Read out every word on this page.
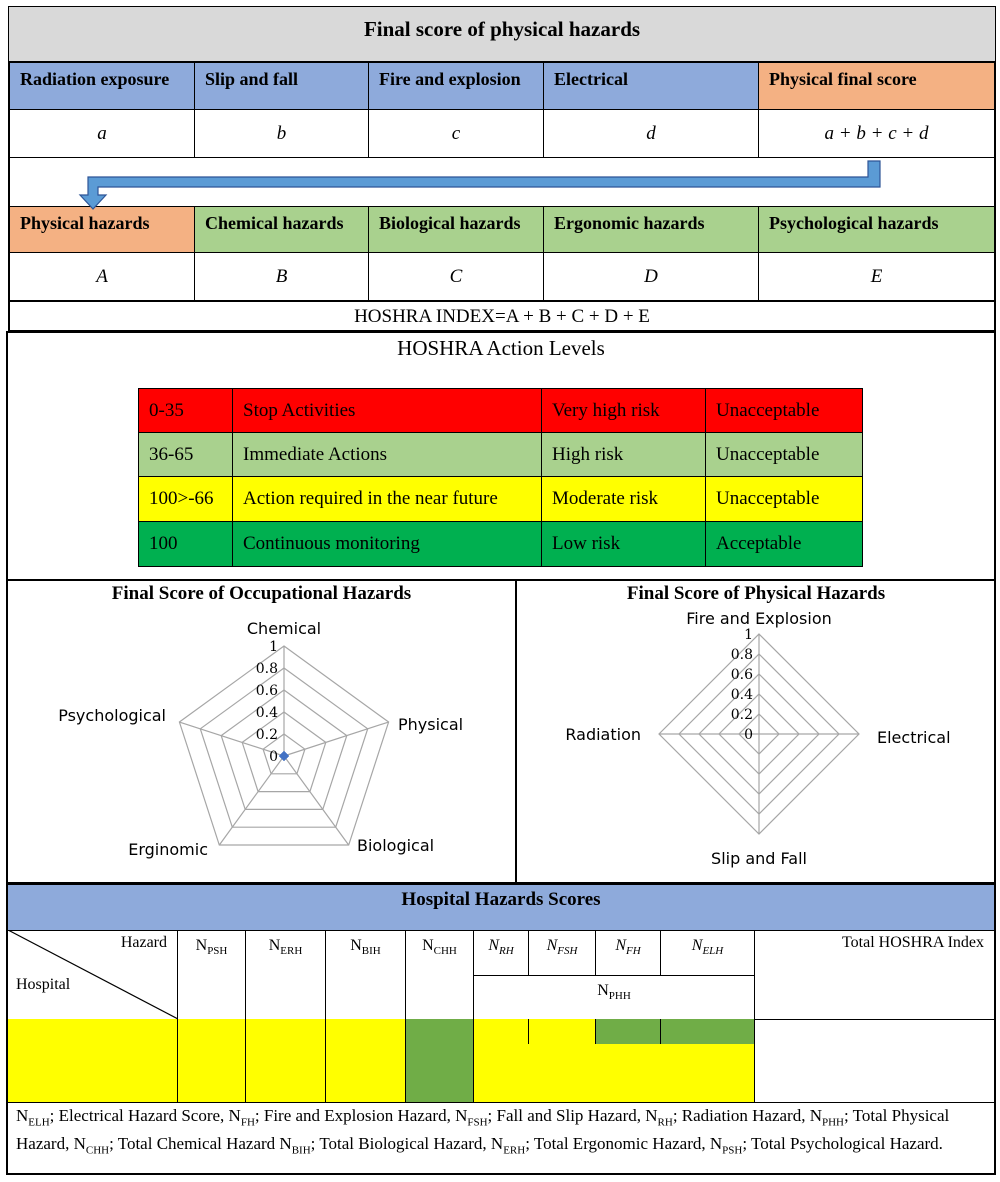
Final score of physical hazards
Radiation exposure	Slip and fall	Fire and explosion	Electrical	Physical final score
a	b	c	d	a + b + c + d
Physical hazards	Chemical hazards	Biological hazards	Ergonomic hazards	Psychological hazards
A	B	C	D	E
HOSHRA INDEX=A + B + C + D + E
HOSHRA Action Levels
0-35	Stop Activities	Very high risk	Unacceptable
36-65	Immediate Actions	High risk	Unacceptable
100>-66	Action required in the near future	Moderate risk	Unacceptable
100	Continuous monitoring	Low risk	Acceptable
Final Score of Occupational Hazards	Final Score of Physical Hazards
0
0.2
0.4
0.6
0.8
1
Chemical
Physical
Biological
Erginomic
Psychological
0
0.2
0.4
0.6
0.8
1
Fire and Explosion
Electrical
Slip and Fall
Radiation
Hospital Hazards Scores
Hazard
Hospital
$N_{PSH}$	$N_{ERH}$	$N_{BIH}$	$N_{CHH}$	$N_{RH}$	$N_{FSH}$	$N_{FH}$	$N_{ELH}$
$N_{PHH}$
Total HOSHRA Index
$N_{ELH}$; Electrical Hazard Score, $N_{FH}$; Fire and Explosion Hazard, $N_{FSH}$; Fall and Slip Hazard, $N_{RH}$; Radiation Hazard, $N_{PHH}$; Total Physical Hazard, $N_{CHH}$; Total Chemical Hazard $N_{BIH}$; Total Biological Hazard, $N_{ERH}$; Total Ergonomic Hazard, $N_{PSH}$; Total Psychological Hazard.
